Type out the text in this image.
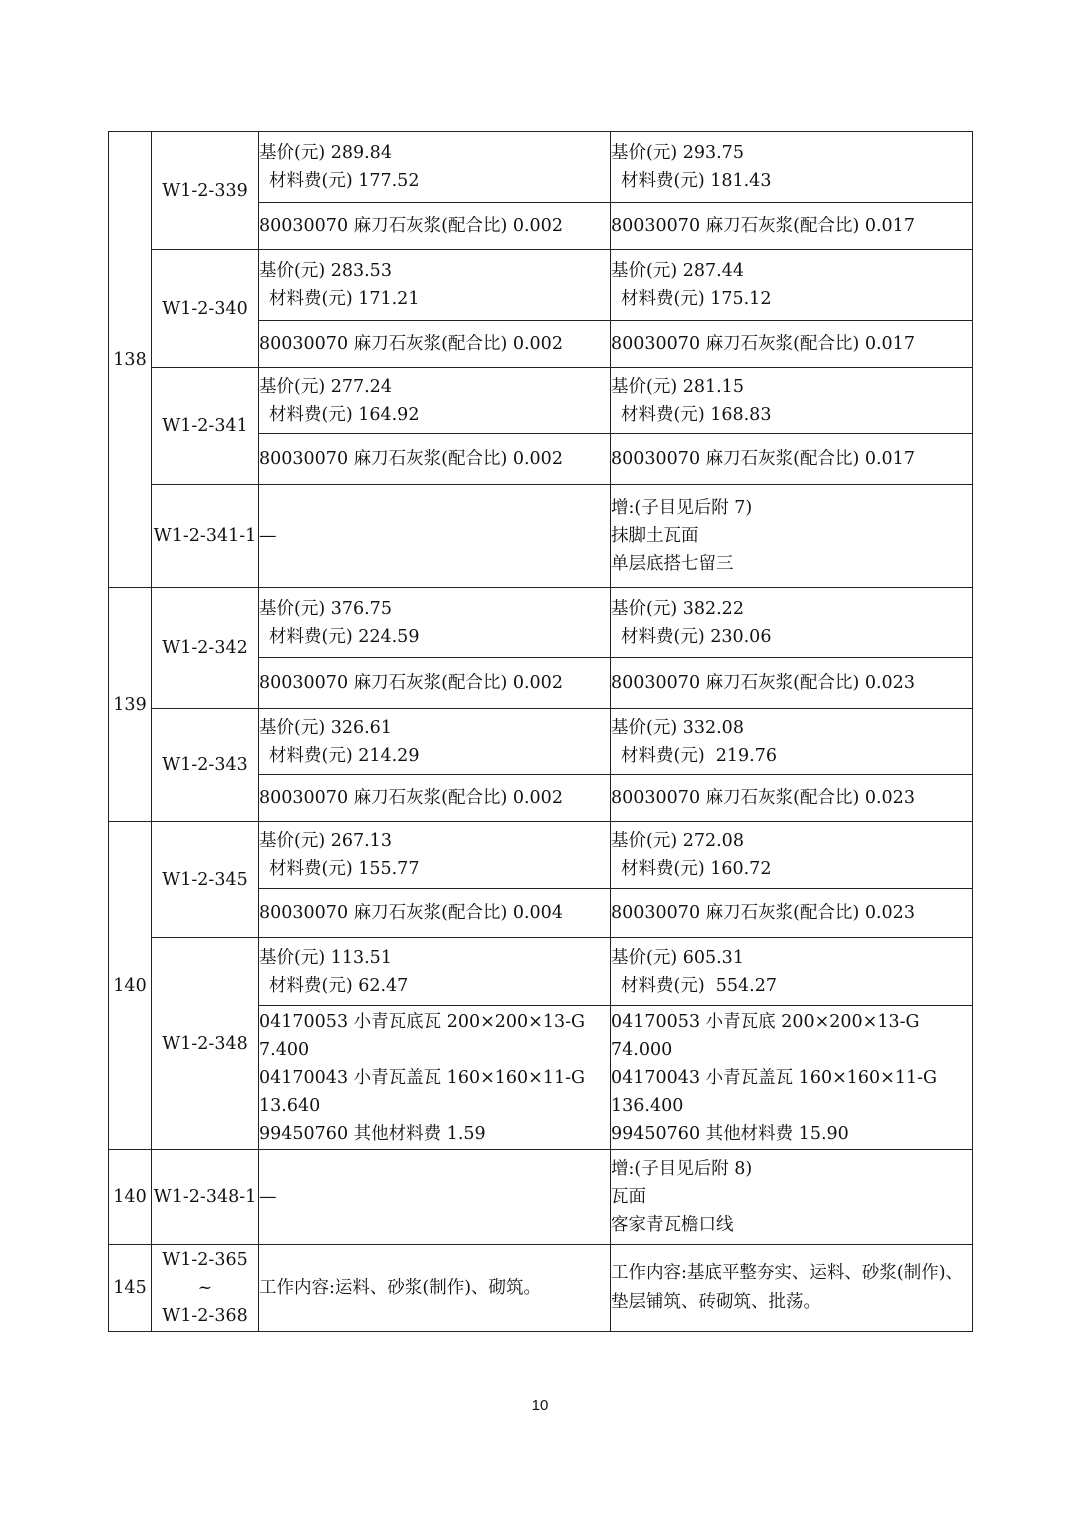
138	W1-2-339	基价(元) 289.84
材料费(元) 177.52	基价(元) 293.75
材料费(元) 181.43

		80030070 麻刀石灰浆(配合比) 0.002	80030070 麻刀石灰浆(配合比) 0.017
	W1-2-340	基价(元) 283.53
材料费(元) 171.21	基价(元) 287.44
材料费(元) 175.12

		80030070 麻刀石灰浆(配合比) 0.002	80030070 麻刀石灰浆(配合比) 0.017
	W1-2-341	基价(元) 277.24
材料费(元) 164.92	基价(元) 281.15
材料费(元) 168.83

		80030070 麻刀石灰浆(配合比) 0.002	80030070 麻刀石灰浆(配合比) 0.017
	W1-2-341-1	—	增:(子目见后附 7)
抹脚土瓦面
单层底搭七留三

139	W1-2-342	基价(元) 376.75
材料费(元) 224.59	基价(元) 382.22
材料费(元) 230.06

		80030070 麻刀石灰浆(配合比) 0.002	80030070 麻刀石灰浆(配合比) 0.023
	W1-2-343	基价(元) 326.61
材料费(元) 214.29	基价(元) 332.08
材料费(元)  219.76

		80030070 麻刀石灰浆(配合比) 0.002	80030070 麻刀石灰浆(配合比) 0.023
140	W1-2-345	基价(元) 267.13
材料费(元) 155.77	基价(元) 272.08
材料费(元) 160.72

		80030070 麻刀石灰浆(配合比) 0.004	80030070 麻刀石灰浆(配合比) 0.023
	W1-2-348	基价(元) 113.51
材料费(元) 62.47	基价(元) 605.31
材料费(元)  554.27

		04170053 小青瓦底瓦 200×200×13-G
7.400
04170043 小青瓦盖瓦 160×160×11-G
13.640
99450760 其他材料费 1.59	04170053 小青瓦底 200×200×13-G
74.000
04170043 小青瓦盖瓦 160×160×11-G
136.400
99450760 其他材料费 15.90

140	W1-2-348-1	—	增:(子目见后附 8)
瓦面
客家青瓦檐口线

145	W1-2-365
~
W1-2-368	工作内容:运料、砂浆(制作)、砌筑。	工作内容:基底平整夯实、运料、砂浆(制作)、垫层铺筑、砖砌筑、批荡。
10
